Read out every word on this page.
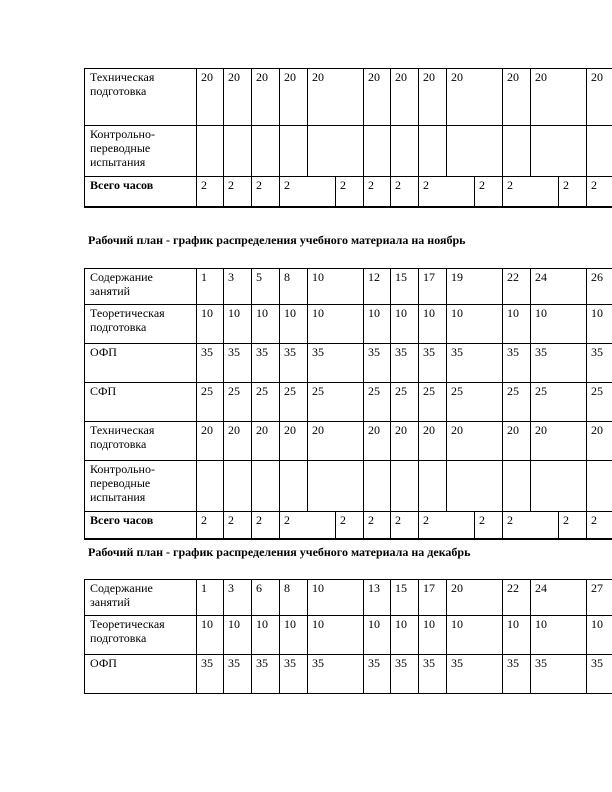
Техническая подготовка	20	20	20	20	20		20	20	20	20		20	20		20
Контрольно-переводные испытания															
Всего часов	2	2	2	2		2	2	2	2		2	2		2	2
Рабочий план - график распределения учебного материала на ноябрь
Содержание занятий	1	3	5	8	10		12	15	17	19		22	24		26
Теоретическая подготовка	10	10	10	10	10		10	10	10	10		10	10		10
ОФП	35	35	35	35	35		35	35	35	35		35	35		35
СФП	25	25	25	25	25		25	25	25	25		25	25		25
Техническая подготовка	20	20	20	20	20		20	20	20	20		20	20		20
Контрольно-переводные испытания															
Всего часов	2	2	2	2		2	2	2	2		2	2		2	2
Рабочий план - график распределения учебного материала на декабрь
Содержание занятий	1	3	6	8	10	13	15	17	20	22	24	27
Теоретическая подготовка	10	10	10	10	10	10	10	10	10	10	10	10
ОФП	35	35	35	35	35	35	35	35	35	35	35	35
